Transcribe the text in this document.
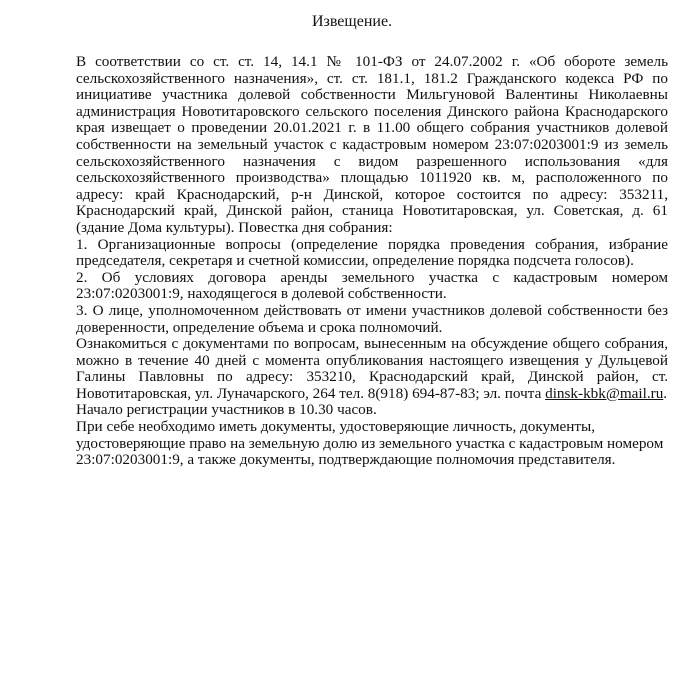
Извещение.

В соответствии со ст. ст. 14, 14.1 № 101-ФЗ от 24.07.2002 г. «Об обороте земель сельскохозяйственного назначения», ст. ст. 181.1, 181.2 Гражданского кодекса РФ по инициативе участника долевой собственности Мильгуновой Валентины Николаевны администрация Новотитаровского сельского поселения Динского района Краснодарского края извещает о проведении 20.01.2021 г. в 11.00 общего собрания участников долевой собственности на земельный участок с кадастровым номером 23:07:0203001:9 из земель сельскохозяйственного назначения с видом разрешенного использования «для сельскохозяйственного производства» площадью 1011920 кв. м, расположенного по адресу: край Краснодарский, р-н Динской, которое состоится по адресу: 353211, Краснодарский край, Динской район, станица Новотитаровская, ул. Советская, д. 61 (здание Дома культуры). Повестка дня собрания:

1. Организационные вопросы (определение порядка проведения собрания, избрание председателя, секретаря и счетной комиссии, определение порядка подсчета голосов).

2. Об условиях договора аренды земельного участка с кадастровым номером 23:07:0203001:9, находящегося в долевой собственности.

3. О лице, уполномоченном действовать от имени участников долевой собственности без доверенности, определение объема и срока полномочий.

Ознакомиться с документами по вопросам, вынесенным на обсуждение общего собрания, можно в течение 40 дней с момента опубликования настоящего извещения у Дульцевой Галины Павловны по адресу: 353210, Краснодарский край, Динской район, ст. Новотитаровская, ул. Луначарского, 264 тел. 8(918) 694-87-83; эл. почта dinsk-kbk@mail.ru.

Начало регистрации участников в 10.30 часов.

При себе необходимо иметь документы, удостоверяющие личность, документы, удостоверяющие право на земельную долю из земельного участка с кадастровым номером 23:07:0203001:9, а также документы, подтверждающие полномочия представителя.
